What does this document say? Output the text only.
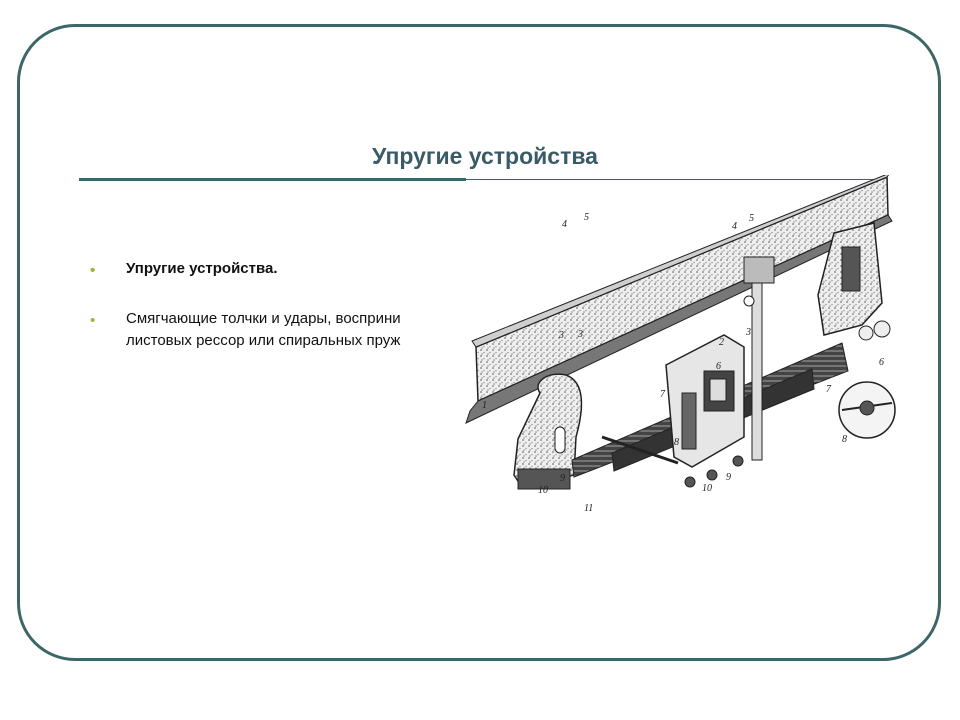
Упругие устройства
• Упругие устройства.
• Смягчающие толчки и удары, восприни
листовых рессор или спиральных пруж
4
5
4
5
3 3
2
6
1
7
3
7
6
8	8
9
10
10
9
11
